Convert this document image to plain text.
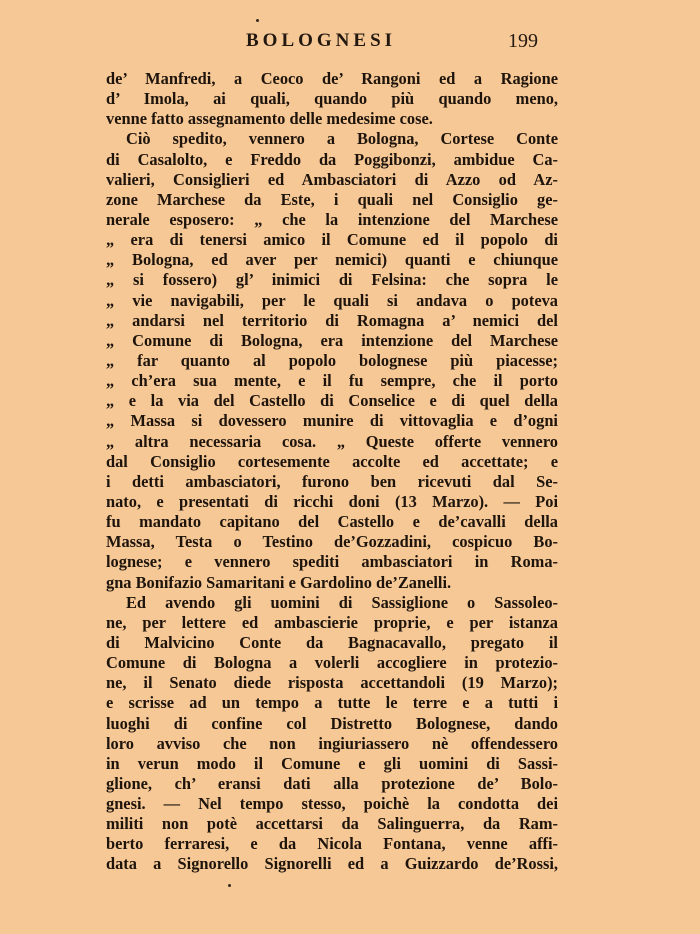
BOLOGNESI	199
de’ Manfredi, a Ceoco de’ Rangoni ed a Ragione
d’ Imola, ai quali, quando più quando meno,
venne fatto assegnamento delle medesime cose.
Ciò spedito, vennero a Bologna, Cortese Conte
di Casalolto, e Freddo da Poggibonzi, ambidue Ca-
valieri, Consiglieri ed Ambasciatori di Azzo od Az-
zone Marchese da Este, i quali nel Consiglio ge-
nerale esposero: „ che la intenzione del Marchese
„ era di tenersi amico il Comune ed il popolo di
„ Bologna, ed aver per nemici) quanti e chiunque
„ si fossero) gl’ inimici di Felsina: che sopra le
„ vie navigabili, per le quali si andava o poteva
„ andarsi nel territorio di Romagna a’ nemici del
„ Comune di Bologna, era intenzione del Marchese
„ far quanto al popolo bolognese più piacesse;
„ ch’era sua mente, e il fu sempre, che il porto
„ e la via del Castello di Conselice e di quel della
„ Massa si dovessero munire di vittovaglia e d’ogni
„ altra necessaria cosa. „ Queste offerte vennero
dal Consiglio cortesemente accolte ed accettate; e
i detti ambasciatori, furono ben ricevuti dal Se-
nato, e presentati di ricchi doni (13 Marzo). — Poi
fu mandato capitano del Castello e de’cavalli della
Massa, Testa o Testino de’Gozzadini, cospicuo Bo-
lognese; e vennero spediti ambasciatori in Roma-
gna Bonifazio Samaritani e Gardolino de’Zanelli.
Ed avendo gli uomini di Sassiglione o Sassoleo-
ne, per lettere ed ambascierie proprie, e per istanza
di Malvicino Conte da Bagnacavallo, pregato il
Comune di Bologna a volerli accogliere in protezio-
ne, il Senato diede risposta accettandoli (19 Marzo);
e scrisse ad un tempo a tutte le terre e a tutti i
luoghi di confine col Distretto Bolognese, dando
loro avviso che non ingiuriassero nè offendessero
in verun modo il Comune e gli uomini di Sassi-
glione, ch’ eransi dati alla protezione de’ Bolo-
gnesi. — Nel tempo stesso, poichè la condotta dei
militi non potè accettarsi da Salinguerra, da Ram-
berto ferraresi, e da Nicola Fontana, venne affi-
data a Signorello Signorelli ed a Guizzardo de’Rossi,
